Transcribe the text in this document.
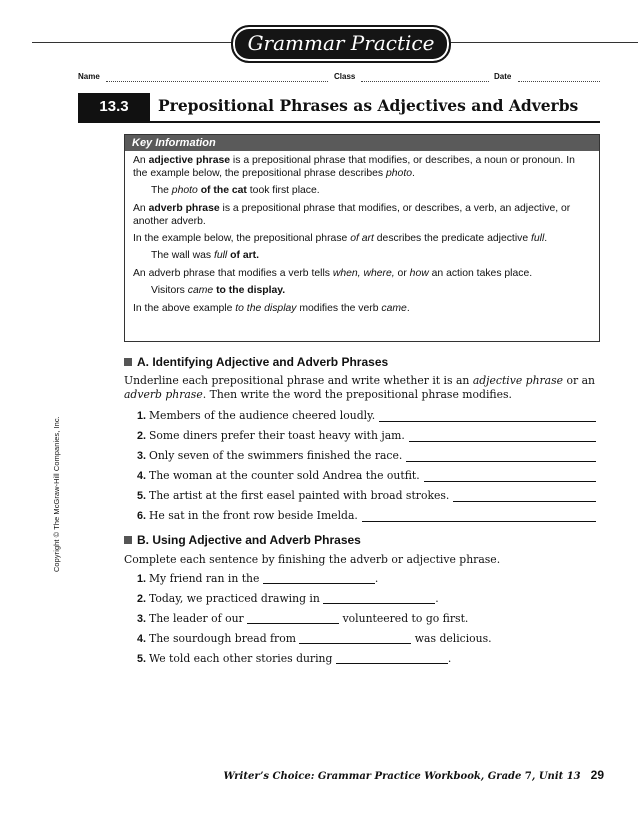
Grammar Practice
Name	Class	Date
13.3	Prepositional Phrases as Adjectives and Adverbs
Key Information

An adjective phrase is a prepositional phrase that modifies, or describes, a noun or pronoun. In the example below, the prepositional phrase describes photo.

The photo of the cat took first place.

An adverb phrase is a prepositional phrase that modifies, or describes, a verb, an adjective, or another adverb.

In the example below, the prepositional phrase of art describes the predicate adjective full.

The wall was full of art.

An adverb phrase that modifies a verb tells when, where, or how an action takes place.

Visitors came to the display.

In the above example to the display modifies the verb came.

A. Identifying Adjective and Adverb Phrases
Underline each prepositional phrase and write whether it is an adjective phrase or an adverb phrase. Then write the word the prepositional phrase modifies.
1. Members of the audience cheered loudly.
2. Some diners prefer their toast heavy with jam.
3. Only seven of the swimmers finished the race.
4. The woman at the counter sold Andrea the outfit.
5. The artist at the first easel painted with broad strokes.
6. He sat in the front row beside Imelda.
B. Using Adjective and Adverb Phrases
Complete each sentence by finishing the adverb or adjective phrase.
1. My friend ran in the	.
2. Today, we practiced drawing in	.
3. The leader of our	volunteered to go first.
4. The sourdough bread from	was delicious.
5. We told each other stories during	.
Copyright © The McGraw-Hill Companies, Inc.
Writer’s Choice: Grammar Practice Workbook, Grade 7, Unit 13 29
